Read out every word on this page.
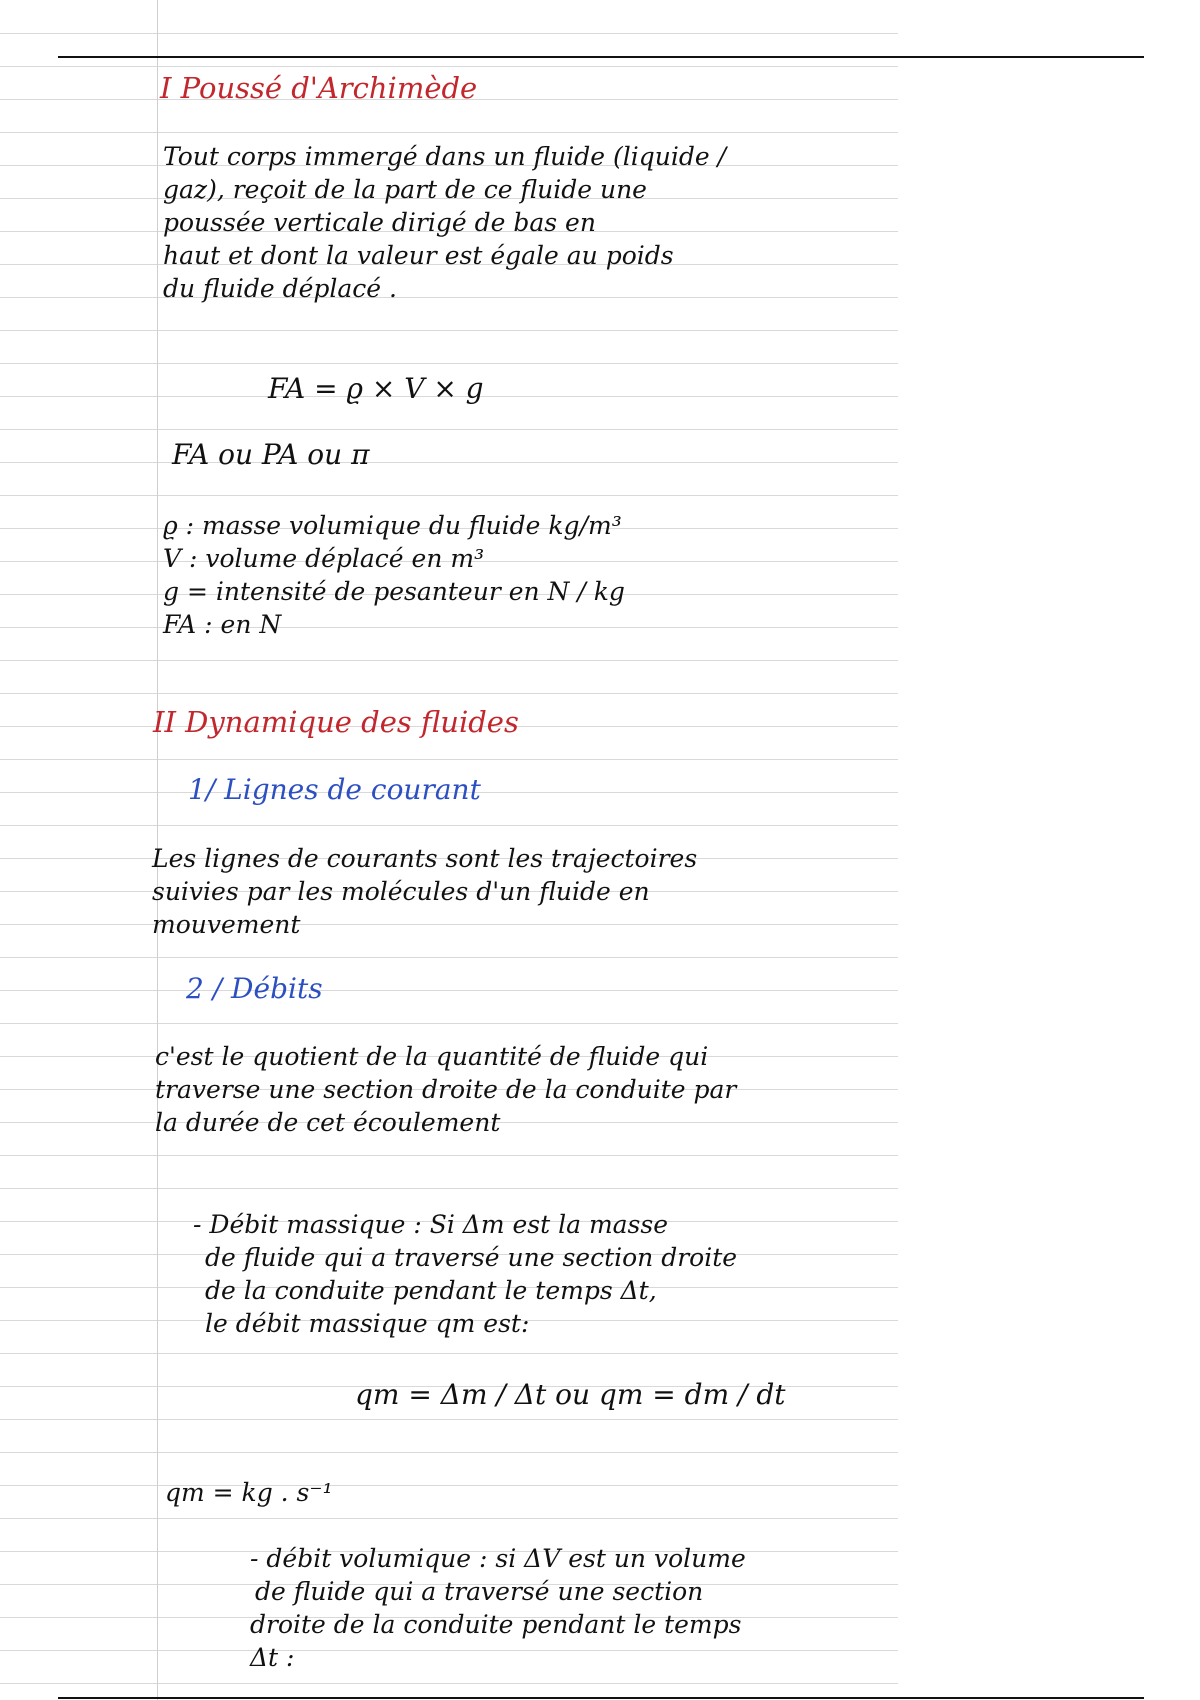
I Poussé d'Archimède

Tout corps immergé dans un fluide (liquide /

gaz), reçoit de la part de ce fluide une

poussée verticale dirigé de bas en

haut et dont la valeur est égale au poids

du fluide déplacé .

FA = ϱ × V × g

FA ou PA ou π

ϱ : masse volumique du fluide kg/m³

V : volume déplacé en m³

g = intensité de pesanteur en N / kg

FA : en N

II Dynamique des fluides

1/ Lignes de courant

Les lignes de courants sont les trajectoires

suivies par les molécules d'un fluide en

mouvement

2 / Débits

c'est le quotient de la quantité de fluide qui

traverse une section droite de la conduite par

la durée de cet écoulement

- Débit massique : Si Δm est la masse

de fluide qui a traversé une section droite

de la conduite pendant le temps Δt,

le débit massique qm est:

qm = Δm / Δt ou qm = dm / dt

qm = kg . s⁻¹

- débit volumique : si ΔV est un volume

de fluide qui a traversé une section

droite de la conduite pendant le temps

Δt :
